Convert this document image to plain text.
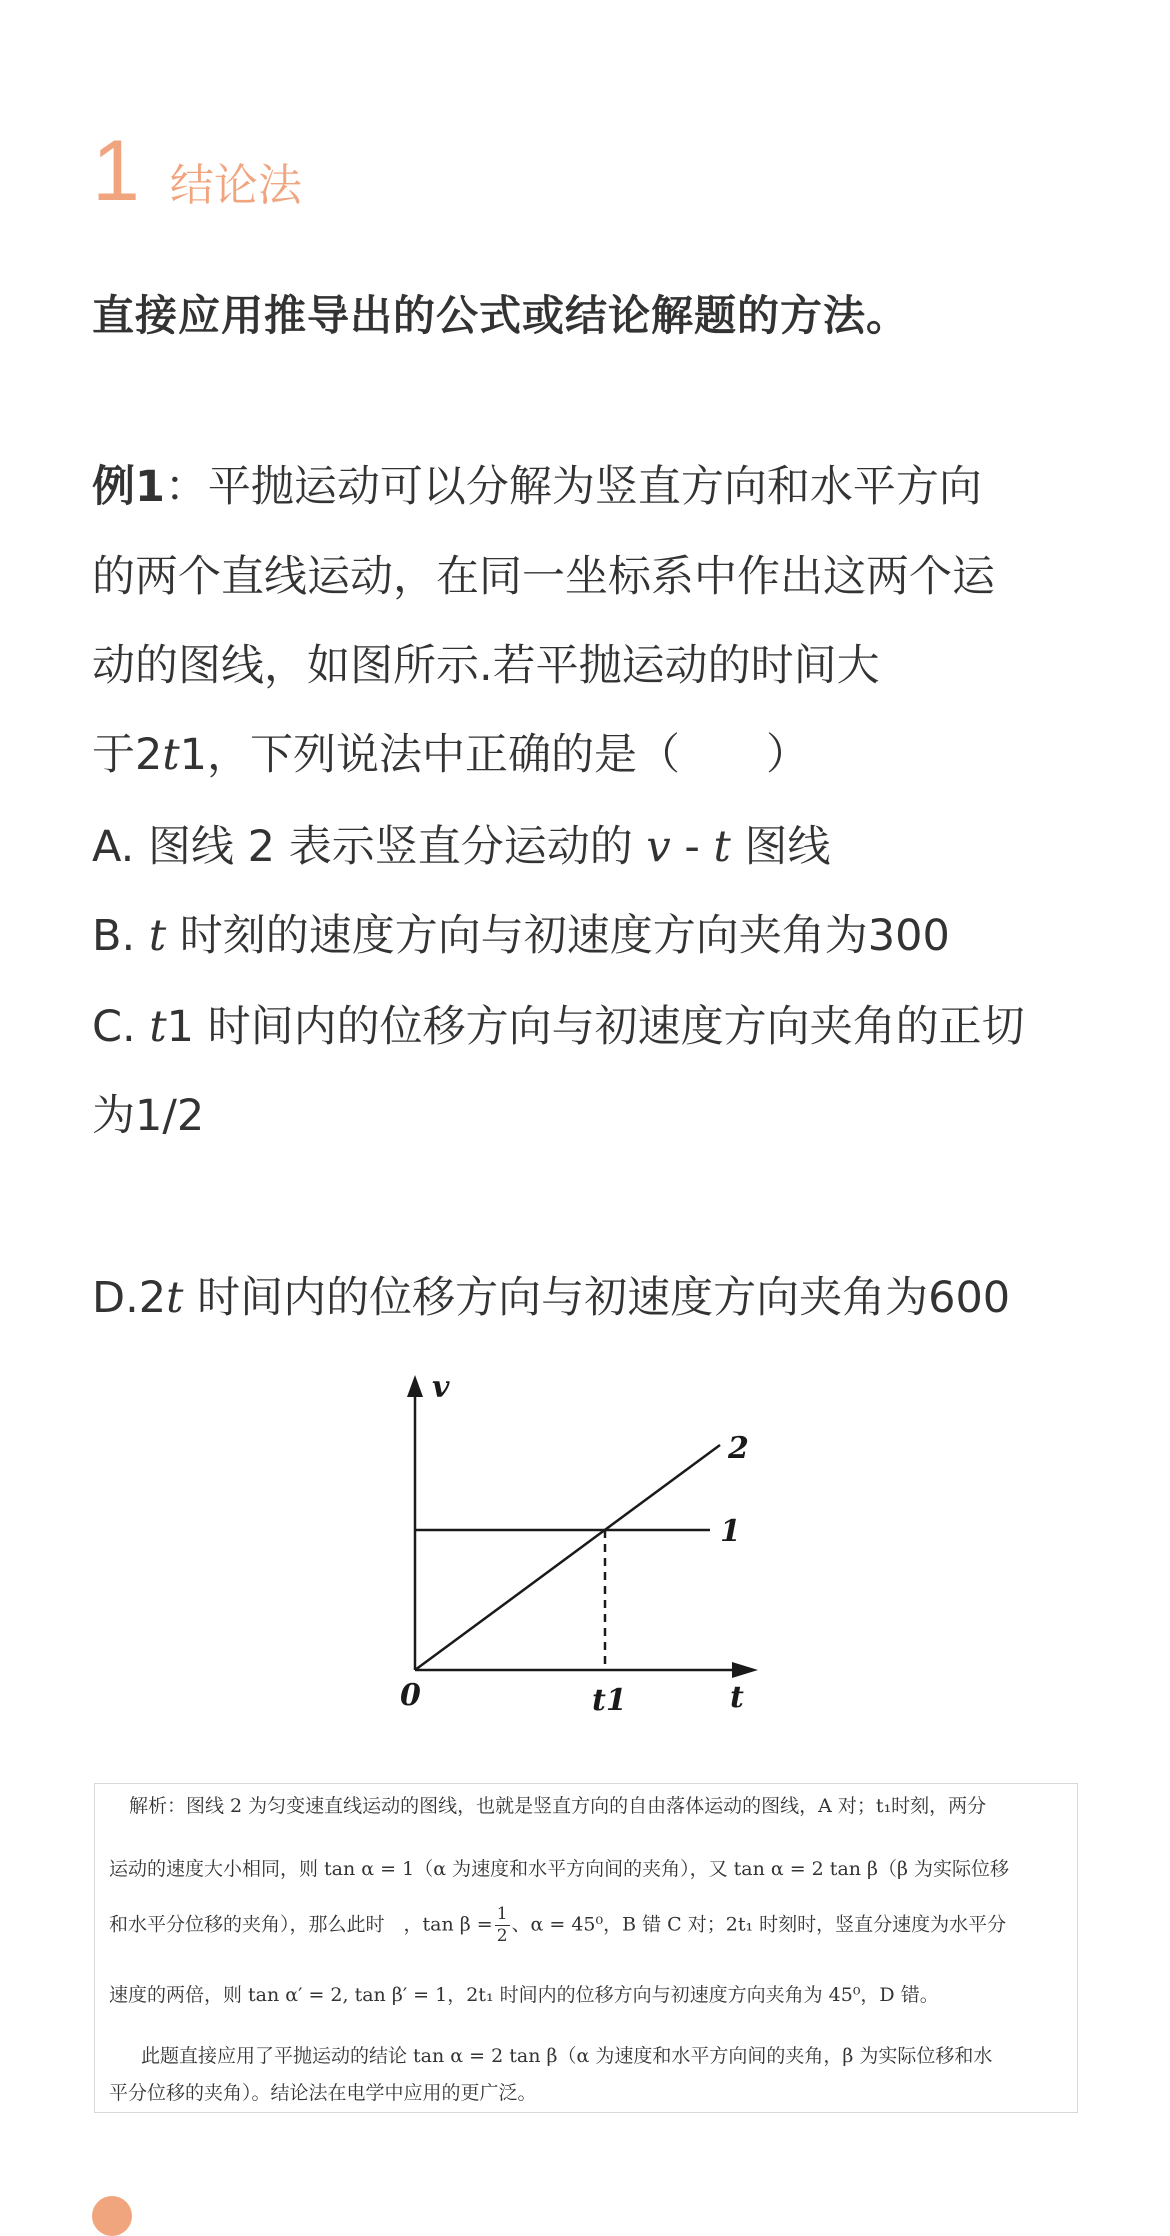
1 结论法
直接应用推导出的公式或结论解题的方法。
例1：平抛运动可以分解为竖直方向和水平方向
的两个直线运动，在同一坐标系中作出这两个运
动的图线，如图所示.若平抛运动的时间大
于2t1，下列说法中正确的是（　　）
A. 图线 2 表示竖直分运动的 v - t 图线
B. t 时刻的速度方向与初速度方向夹角为300
C. t1 时间内的位移方向与初速度方向夹角的正切
为1/2
D.2t 时间内的位移方向与初速度方向夹角为600
v
0	t
t1
1
2
解析：图线 2 为匀变速直线运动的图线，也就是竖直方向的自由落体运动的图线，A 对；t₁时刻，两分
运动的速度大小相同，则 tan α = 1（α 为速度和水平方向间的夹角），又 tan α = 2 tan β（β 为实际位移
和水平分位移的夹角），那么此时　，$\tan \beta = \frac{1}{2}$ 、α = 45⁰，B 错 C 对；2t₁ 时刻时，竖直分速度为水平分
速度的两倍，则 tan α′ = 2, tan β′ = 1，2t₁ 时间内的位移方向与初速度方向夹角为 45⁰，D 错。
此题直接应用了平抛运动的结论 tan α = 2 tan β（α 为速度和水平方向间的夹角，β 为实际位移和水
平分位移的夹角）。结论法在电学中应用的更广泛。
